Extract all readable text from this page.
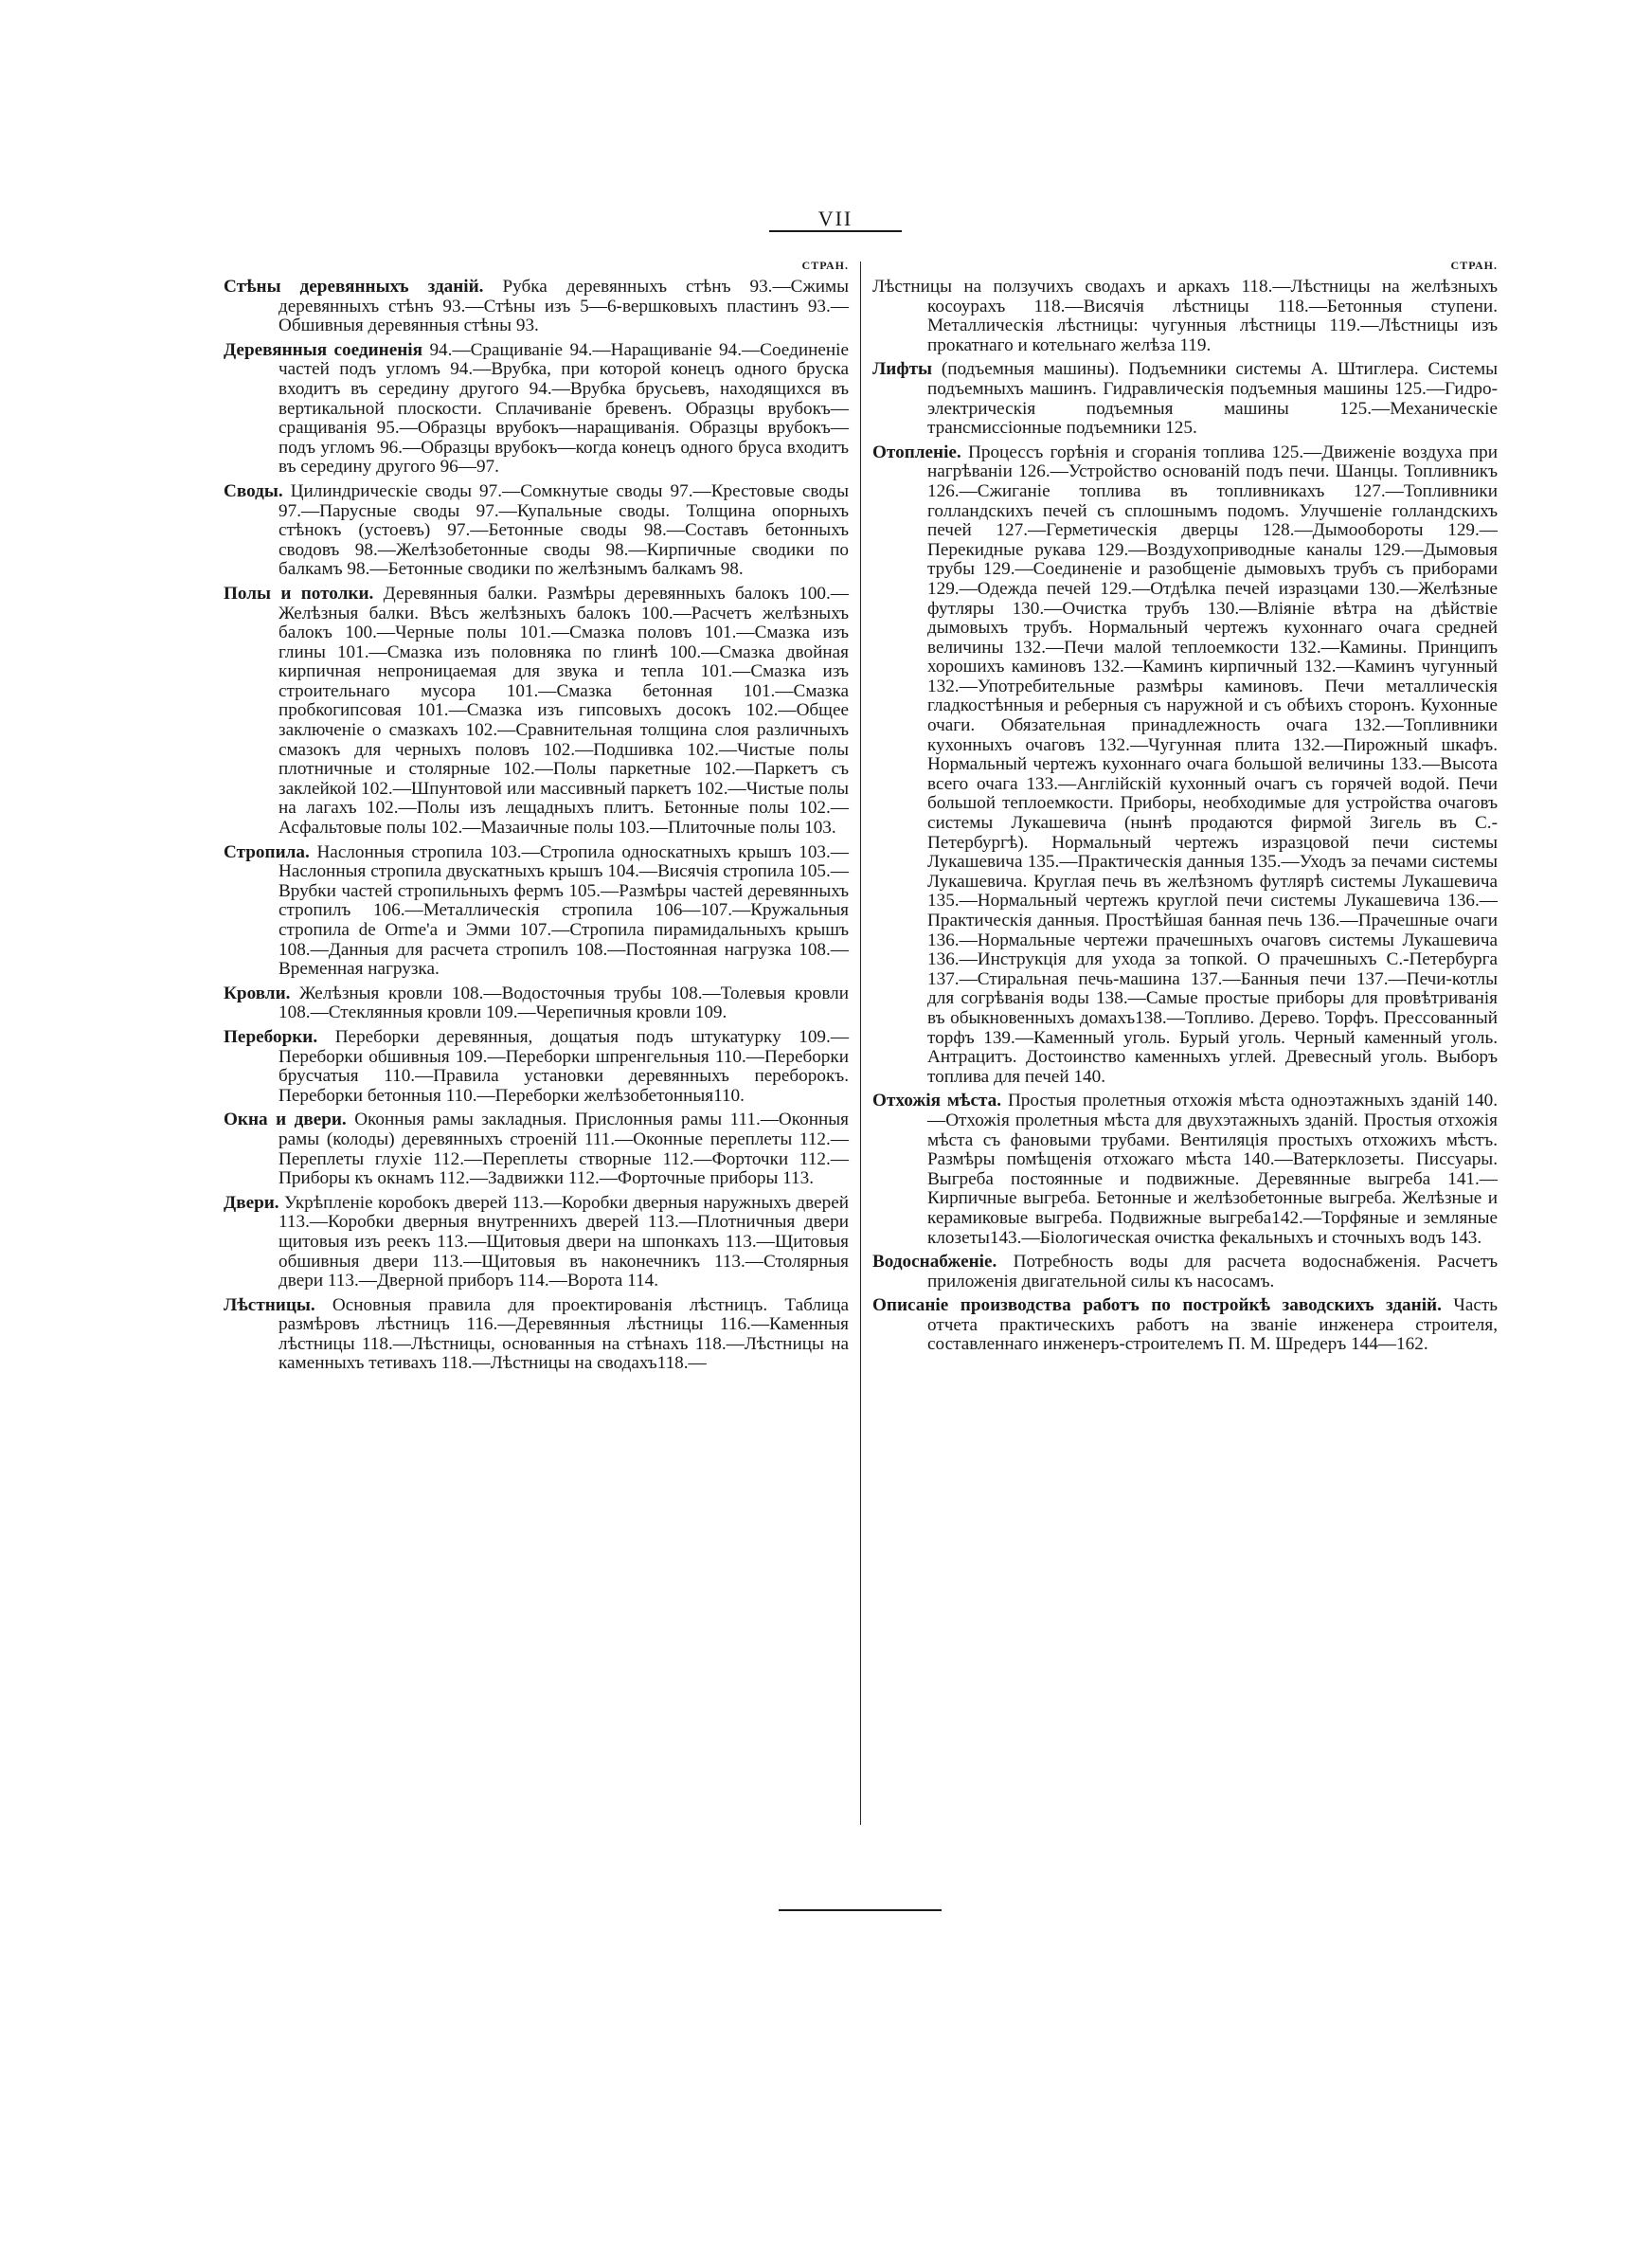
VII
СТРАН.

Стѣны деревянныхъ зданій. Рубка деревянныхъ стѣнъ 93.—Сжимы деревянныхъ стѣнъ 93.—Стѣны изъ 5—6-вершковыхъ пластинъ 93.—Обшивныя деревянныя стѣны 93.

Деревянныя соединенія 94.—Сращиваніе 94.—Наращиваніе 94.—Соединеніе частей подъ угломъ 94.—Врубка, при которой конецъ одного бруска входитъ въ середину другого 94.—Врубка брусьевъ, находящихся въ вертикальной плоскости. Сплачиваніе бревенъ. Образцы врубокъ—сращиванія 95.—Образцы врубокъ—наращиванія. Образцы врубокъ—подъ угломъ 96.—Образцы врубокъ—когда конецъ одного бруса входитъ въ середину другого 96—97.

Своды. Цилиндрическіе своды 97.—Сомкнутые своды 97.—Крестовые своды 97.—Парусные своды 97.—Купальные своды. Толщина опорныхъ стѣнокъ (устоевъ) 97.—Бетонные своды 98.—Составъ бетонныхъ сводовъ 98.—Желѣзобетонные своды 98.—Кирпичные сводики по балкамъ 98.—Бетонные сводики по желѣзнымъ балкамъ 98.

Полы и потолки. Деревянныя балки. Размѣры деревянныхъ балокъ 100.—Желѣзныя балки. Вѣсъ желѣзныхъ балокъ 100.—Расчетъ желѣзныхъ балокъ 100.—Черные полы 101.—Смазка половъ 101.—Смазка изъ глины 101.—Смазка изъ половняка по глинѣ 100.—Смазка двойная кирпичная непроницаемая для звука и тепла 101.—Смазка изъ строительнаго мусора 101.—Смазка бетонная 101.—Смазка пробкогипсовая 101.—Смазка изъ гипсовыхъ досокъ 102.—Общее заключеніе о смазкахъ 102.—Сравнительная толщина слоя различныхъ смазокъ для черныхъ половъ 102.—Подшивка 102.—Чистые полы плотничные и столярные 102.—Полы паркетные 102.—Паркетъ съ заклейкой 102.—Шпунтовой или массивный паркетъ 102.—Чистые полы на лагахъ 102.—Полы изъ лещадныхъ плитъ. Бетонные полы 102.—Асфальтовые полы 102.—Мазаичные полы 103.—Плиточные полы 103.

Стропила. Наслонныя стропила 103.—Стропила односкатныхъ крышъ 103.—Наслонныя стропила двускатныхъ крышъ 104.—Висячія стропила 105.—Врубки частей стропильныхъ фермъ 105.—Размѣры частей деревянныхъ стропилъ 106.—Металлическія стропила 106—107.—Кружальныя стропила de Orme'a и Эмми 107.—Стропила пирамидальныхъ крышъ 108.—Данныя для расчета стропилъ 108.—Постоянная нагрузка 108.—Временная нагрузка.

Кровли. Желѣзныя кровли 108.—Водосточныя трубы 108.—Толевыя кровли 108.—Стеклянныя кровли 109.—Черепичныя кровли 109.

Переборки. Переборки деревянныя, дощатыя подъ штукатурку 109.—Переборки обшивныя 109.—Переборки шпренгельныя 110.—Переборки брусчатыя 110.—Правила установки деревянныхъ переборокъ. Переборки бетонныя 110.—Переборки желѣзобетонныя110.

Окна и двери. Оконныя рамы закладныя. Прислонныя рамы 111.—Оконныя рамы (колоды) деревянныхъ строеній 111.—Оконные переплеты 112.—Переплеты глухіе 112.—Переплеты створные 112.—Форточки 112.—Приборы къ окнамъ 112.—Задвижки 112.—Форточные приборы 113.

Двери. Укрѣпленіе коробокъ дверей 113.—Коробки дверныя наружныхъ дверей 113.—Коробки дверныя внутреннихъ дверей 113.—Плотничныя двери щитовыя изъ реекъ 113.—Щитовыя двери на шпонкахъ 113.—Щитовыя обшивныя двери 113.—Щитовыя въ наконечникъ 113.—Столярныя двери 113.—Дверной приборъ 114.—Ворота 114.

Лѣстницы. Основныя правила для проектированія лѣстницъ. Таблица размѣровъ лѣстницъ 116.—Деревянныя лѣстницы 116.—Каменныя лѣстницы 118.—Лѣстницы, основанныя на стѣнахъ 118.—Лѣстницы на каменныхъ тетивахъ 118.—Лѣстницы на сводахъ118.—

СТРАН.

Лѣстницы на ползучихъ сводахъ и аркахъ 118.—Лѣстницы на желѣзныхъ косоурахъ 118.—Висячія лѣстницы 118.—Бетонныя ступени. Металлическія лѣстницы: чугунныя лѣстницы 119.—Лѣстницы изъ прокатнаго и котельнаго желѣза 119.

Лифты (подъемныя машины). Подъемники системы А. Штиглера. Системы подъемныхъ машинъ. Гидравлическія подъемныя машины 125.—Гидро-электрическія подъемныя машины 125.—Механическіе трансмиссіонные подъемники 125.

Отопленіе. Процессъ горѣнія и сгоранія топлива 125.—Движеніе воздуха при нагрѣваніи 126.—Устройство основаній подъ печи. Шанцы. Топливникъ 126.—Сжиганіе топлива въ топливникахъ 127.—Топливники голландскихъ печей съ сплошнымъ подомъ. Улучшеніе голландскихъ печей 127.—Герметическія дверцы 128.—Дымообороты 129.—Перекидные рукава 129.—Воздухоприводные каналы 129.—Дымовыя трубы 129.—Соединеніе и разобщеніе дымовыхъ трубъ съ приборами 129.—Одежда печей 129.—Отдѣлка печей изразцами 130.—Желѣзные футляры 130.—Очистка трубъ 130.—Вліяніе вѣтра на дѣйствіе дымовыхъ трубъ. Нормальный чертежъ кухоннаго очага средней величины 132.—Печи малой теплоемкости 132.—Камины. Принципъ хорошихъ каминовъ 132.—Каминъ кирпичный 132.—Каминъ чугунный 132.—Употребительные размѣры каминовъ. Печи металлическія гладкостѣнныя и реберныя съ наружной и съ обѣихъ сторонъ. Кухонные очаги. Обязательная принадлежность очага 132.—Топливники кухонныхъ очаговъ 132.—Чугунная плита 132.—Пирожный шкафъ. Нормальный чертежъ кухоннаго очага большой величины 133.—Высота всего очага 133.—Англійскій кухонный очагъ съ горячей водой. Печи большой теплоемкости. Приборы, необходимые для устройства очаговъ системы Лукашевича (нынѣ продаются фирмой Зигель въ С.-Петербургѣ). Нормальный чертежъ изразцовой печи системы Лукашевича 135.—Практическія данныя 135.—Уходъ за печами системы Лукашевича. Круглая печь въ желѣзномъ футлярѣ системы Лукашевича 135.—Нормальный чертежъ круглой печи системы Лукашевича 136.—Практическія данныя. Простѣйшая банная печь 136.—Прачешные очаги 136.—Нормальные чертежи прачешныхъ очаговъ системы Лукашевича 136.—Инструкція для ухода за топкой. О прачешныхъ С.-Петербурга 137.—Стиральная печь-машина 137.—Банныя печи 137.—Печи-котлы для согрѣванія воды 138.—Самые простые приборы для провѣтриванія въ обыкновенныхъ домахъ138.—Топливо. Дерево. Торфъ. Прессованный торфъ 139.—Каменный уголь. Бурый уголь. Черный каменный уголь. Антрацитъ. Достоинство каменныхъ углей. Древесный уголь. Выборъ топлива для печей 140.

Отхожія мѣста. Простыя пролетныя отхожія мѣста одноэтажныхъ зданій 140.—Отхожія пролетныя мѣста для двухэтажныхъ зданій. Простыя отхожія мѣста съ фановыми трубами. Вентиляція простыхъ отхожихъ мѣстъ. Размѣры помѣщенія отхожаго мѣста 140.—Ватерклозеты. Писсуары. Выгреба постоянные и подвижные. Деревянные выгреба 141.—Кирпичные выгреба. Бетонные и желѣзобетонные выгреба. Желѣзные и керамиковые выгреба. Подвижные выгреба142.—Торфяные и земляные клозеты143.—Біологическая очистка фекальныхъ и сточныхъ водъ 143.

Водоснабженіе. Потребность воды для расчета водоснабженія. Расчетъ приложенія двигательной силы къ насосамъ.

Описаніе производства работъ по постройкѣ заводскихъ зданій. Часть отчета практическихъ работъ на званіе инженера строителя, составленнаго инженеръ-строителемъ П. М. Шредеръ 144—162.
